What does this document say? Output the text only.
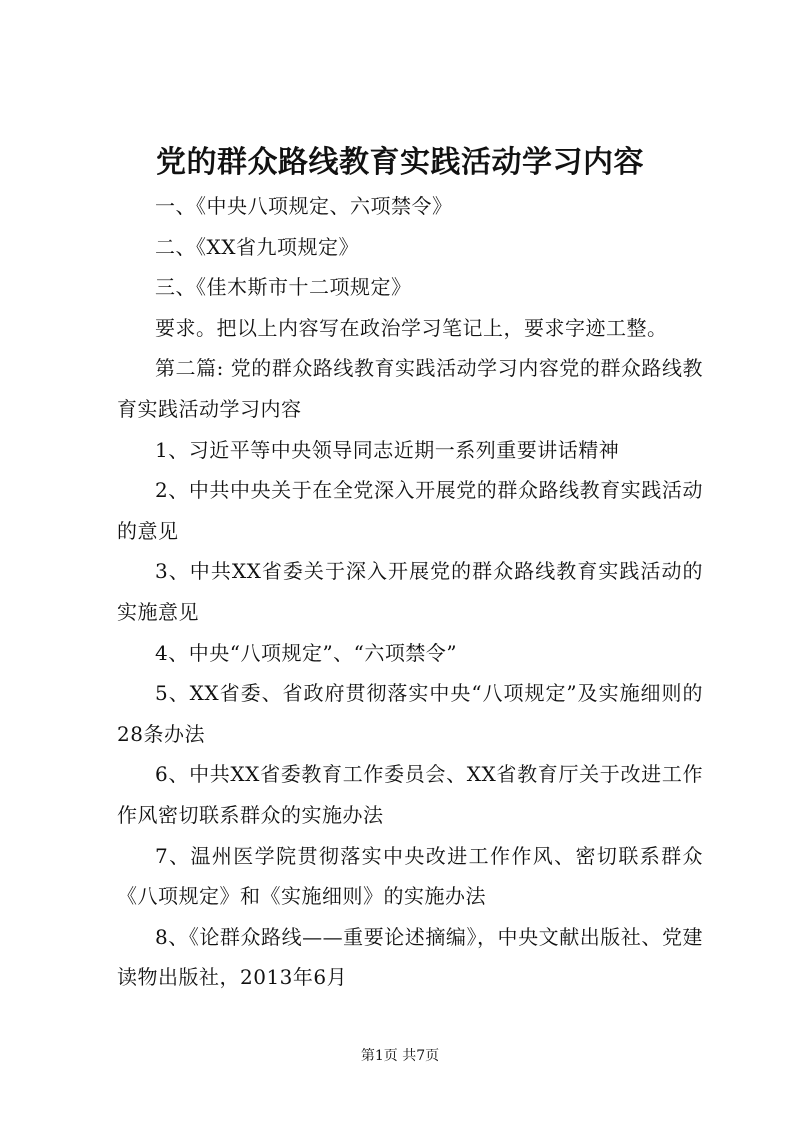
党的群众路线教育实践活动学习内容

一、《中央八项规定、六项禁令》

二、《XX省九项规定》

三、《佳木斯市十二项规定》

要求。把以上内容写在政治学习笔记上，要求字迹工整。

第二篇: 党的群众路线教育实践活动学习内容党的群众路线教育实践活动学习内容

1、习近平等中央领导同志近期一系列重要讲话精神

2、中共中央关于在全党深入开展党的群众路线教育实践活动的意见

3、中共XX省委关于深入开展党的群众路线教育实践活动的实施意见

4、中央“八项规定”、“六项禁令”

5、XX省委、省政府贯彻落实中央“八项规定”及实施细则的28条办法

6、中共XX省委教育工作委员会、XX省教育厅关于改进工作作风密切联系群众的实施办法

7、温州医学院贯彻落实中央改进工作作风、密切联系群众《八项规定》和《实施细则》的实施办法

8、《论群众路线——重要论述摘编》，中央文献出版社、党建读物出版社，2013年6月

第1页 共7页
